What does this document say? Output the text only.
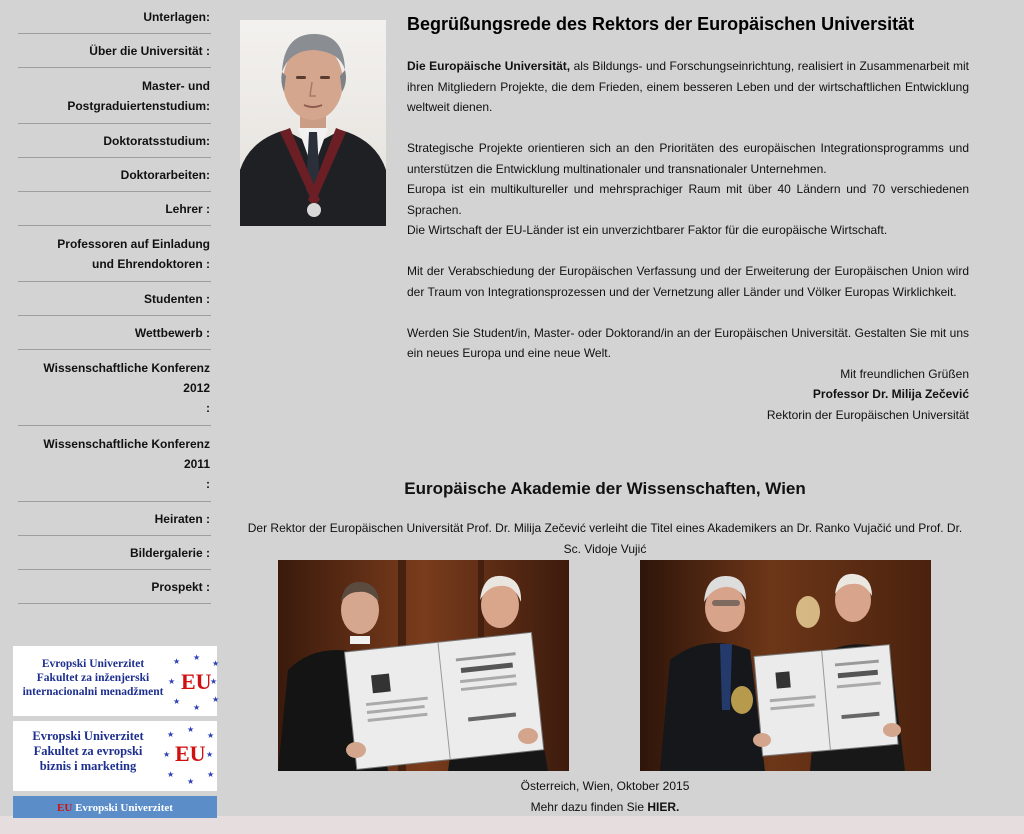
Unterlagen:
Über die Universität :
Master- und
Postgraduiertenstudium:
Doktoratsstudium:
Doktorarbeiten:
Lehrer :
Professoren auf Einladung
und Ehrendoktoren :
Studenten :
Wettbewerb :
Wissenschaftliche Konferenz 2012
:
Wissenschaftliche Konferenz 2011
:
Heiraten :
Bildergalerie :
Prospekt :
Evropski Univerzitet
Fakultet za inženjerski
internacionalni menadžment EU
★ ★
★
★
★
★
★	★
Evropski Univerzitet
Fakultet za evropski
biznis i marketing	EU
★
★
★
★
★
★
★	★
EU Evropski Univerzitet
Begrüßungsrede des Rektors der Europäischen Universität

Die Europäische Universität, als Bildungs- und Forschungseinrichtung, realisiert in Zusammenarbeit mit ihren Mitgliedern Projekte, die dem Frieden, einem besseren Leben und der wirtschaftlichen Entwicklung weltweit dienen.

Strategische Projekte orientieren sich an den Prioritäten des europäischen Integrationsprogramms und unterstützen die Entwicklung multinationaler und transnationaler Unternehmen.

Europa ist ein multikultureller und mehrsprachiger Raum mit über 40 Ländern und 70 verschiedenen Sprachen.

Die Wirtschaft der EU-Länder ist ein unverzichtbarer Faktor für die europäische Wirtschaft.

Mit der Verabschiedung der Europäischen Verfassung und der Erweiterung der Europäischen Union wird der Traum von Integrationsprozessen und der Vernetzung aller Länder und Völker Europas Wirklichkeit.

Werden Sie Student/in, Master- oder Doktorand/in an der Europäischen Universität. Gestalten Sie mit uns ein neues Europa und eine neue Welt.

Mit freundlichen Grüßen

Professor Dr. Milija Zečević

Rektorin der Europäischen Universität

Europäische Akademie der Wissenschaften, Wien
Der Rektor der Europäischen Universität Prof. Dr. Milija Zečević verleiht die Titel eines Akademikers an Dr. Ranko Vujačić und Prof. Dr. Sc. Vidoje Vujić
Österreich, Wien, Oktober 2015
Mehr dazu finden Sie HIER.
